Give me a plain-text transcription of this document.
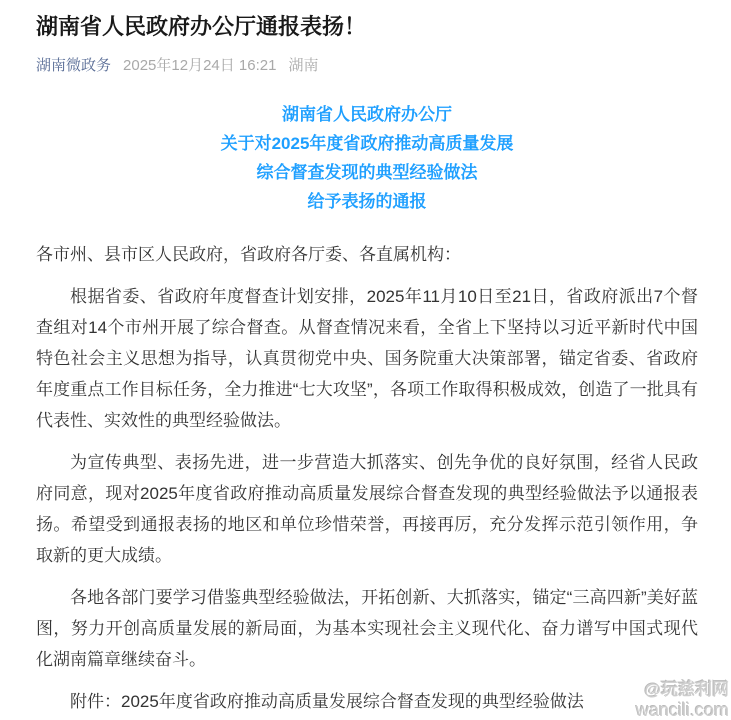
湖南省人民政府办公厅通报表扬！
湖南微政务 2025年12月24日 16:21 湖南
湖南省人民政府办公厅
关于对2025年度省政府推动高质量发展
综合督查发现的典型经验做法
给予表扬的通报

各市州、县市区人民政府，省政府各厅委、各直属机构：

根据省委、省政府年度督查计划安排，2025年11月10日至21日，省政府派出7个督查组对14个市州开展了综合督查。从督查情况来看，全省上下坚持以习近平新时代中国特色社会主义思想为指导，认真贯彻党中央、国务院重大决策部署，锚定省委、省政府年度重点工作目标任务，全力推进“七大攻坚”，各项工作取得积极成效，创造了一批具有代表性、实效性的典型经验做法。

为宣传典型、表扬先进，进一步营造大抓落实、创先争优的良好氛围，经省人民政府同意，现对2025年度省政府推动高质量发展综合督查发现的典型经验做法予以通报表扬。希望受到通报表扬的地区和单位珍惜荣誉，再接再厉，充分发挥示范引领作用，争取新的更大成绩。

各地各部门要学习借鉴典型经验做法，开拓创新、大抓落实，锚定“三高四新”美好蓝图，努力开创高质量发展的新局面，为基本实现社会主义现代化、奋力谱写中国式现代化湖南篇章继续奋斗。

附件：2025年度省政府推动高质量发展综合督查发现的典型经验做法

@玩慈利网
wancili.com
